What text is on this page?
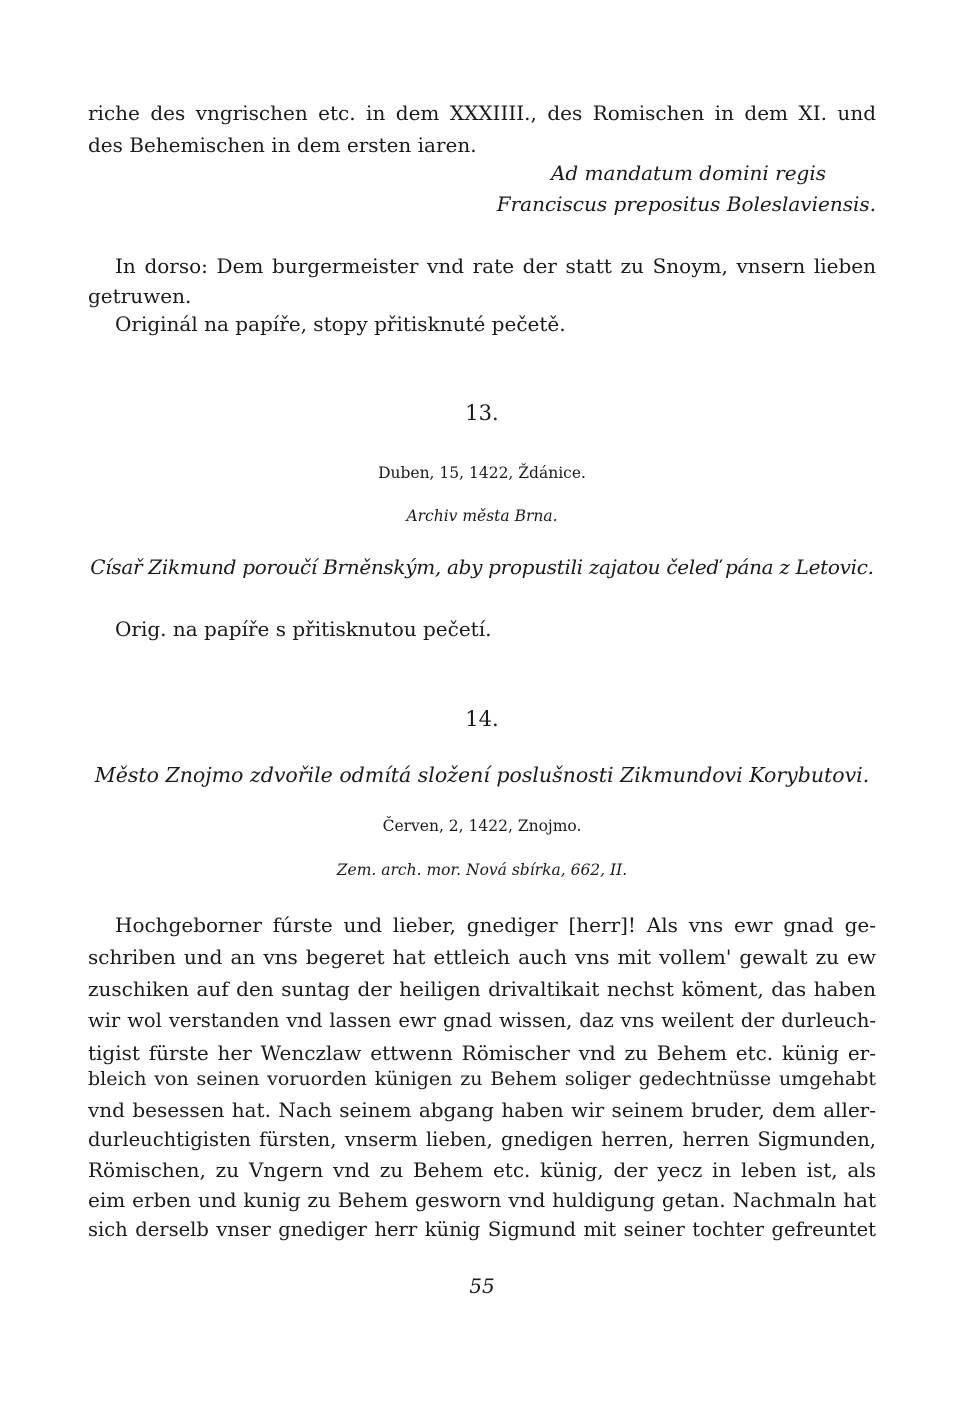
riche des vngrischen etc. in dem XXXIIII., des Romischen in dem XI. und
des Behemischen in dem ersten iaren.
Ad mandatum domini regis
Franciscus prepositus Boleslaviensis.
In dorso: Dem burgermeister vnd rate der statt zu Snoym, vnsern lieben
getruwen.
Originál na papíře, stopy přitisknuté pečetě.
13.
Duben, 15, 1422, Ždánice.
Archiv města Brna.
Císař Zikmund poroučí Brněnským, aby propustili zajatou čeleď pána z Letovic.
Orig. na papíře s přitisknutou pečetí.
14.
Město Znojmo zdvořile odmítá složení poslušnosti Zikmundovi Korybutovi.
Červen, 2, 1422, Znojmo.
Zem. arch. mor. Nová sbírka, 662, II.
Hochgeborner fúrste und lieber, gnediger [herr]! Als vns ewr gnad ge-
schriben und an vns begeret hat ettleich auch vns mit vollem' gewalt zu ew
zuschiken auf den suntag der heiligen drivaltikait nechst köment, das haben
wir wol verstanden vnd lassen ewr gnad wissen, daz vns weilent der durleuch-
tigist fürste her Wenczlaw ettwenn Römischer vnd zu Behem etc. künig er-
bleich von seinen voruorden künigen zu Behem soliger gedechtnüsse umgehabt
vnd besessen hat. Nach seinem abgang haben wir seinem bruder, dem aller-
durleuchtigisten fürsten, vnserm lieben, gnedigen herren, herren Sigmunden,
Römischen, zu Vngern vnd zu Behem etc. künig, der yecz in leben ist, als
eim erben und kunig zu Behem gesworn vnd huldigung getan. Nachmaln hat
sich derselb vnser gnediger herr künig Sigmund mit seiner tochter gefreuntet
55
